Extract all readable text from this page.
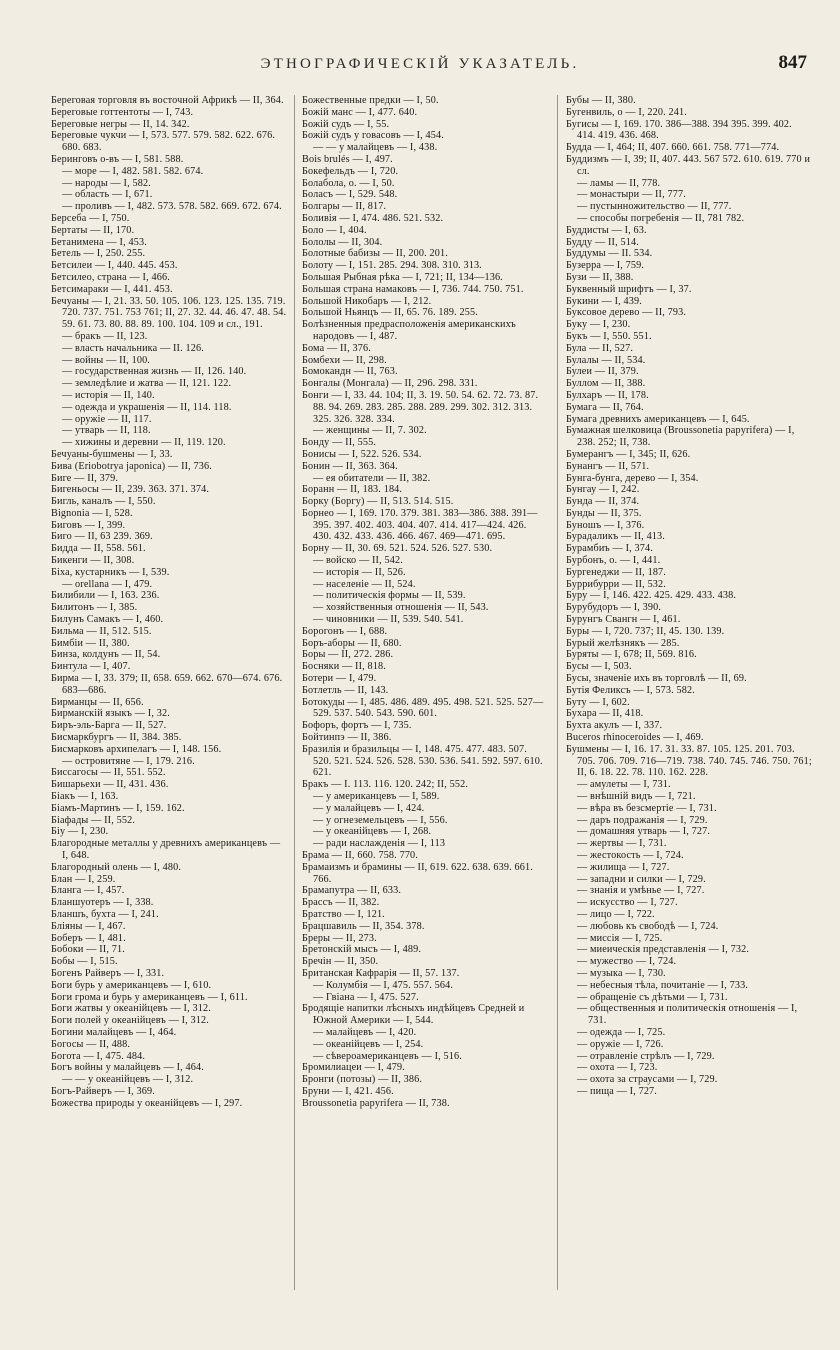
ЭТНОГРАФИЧЕСКІЙ УКАЗАТЕЛЬ.	847

Береговая торговля въ восточной Африкѣ — II, 364.

Береговые готтентоты — I, 743.

Береговые негры — II, 14. 342.

Береговые чукчи — I, 573. 577. 579. 582. 622. 676. 680. 683.

Беринговъ о-въ — I, 581. 588.

— море — I, 482. 581. 582. 674.

— народы — I, 582.

— область — I, 671.

— проливъ — I, 482. 573. 578. 582. 669. 672. 674.

Берсеба — I, 750.

Бертаты — II, 170.

Бетанимена — I, 453.

Бетель — I, 250. 255.

Бетсилеи — I, 440. 445. 453.

Бетсилео, страна — I, 466.

Бетсимараки — I, 441. 453.

Бечуаны — I, 21. 33. 50. 105. 106. 123. 125. 135. 719. 720. 737. 751. 753 761; II, 27. 32. 44. 46. 47. 48. 54. 59. 61. 73. 80. 88. 89. 100. 104. 109 и сл., 191.

— бракъ — II, 123.

— власть начальника — II. 126.

— войны — II, 100.

— государственная жизнь — II, 126. 140.

— земледѣлие и жатва — II, 121. 122.

— исторія — II, 140.

— одежда и украшенія — II, 114. 118.

— оружіе — II, 117.

— утварь — II, 118.

— хижины и деревни — II, 119. 120.

Бечуаны-бушмены — I, 33.

Бива (Eriobotrya japonica) — II, 736.

Биге — II, 379.

Бигеньосы — II, 239. 363. 371. 374.

Бигль, каналъ — I, 550.

Bignonia — I, 528.

Биговъ — I, 399.

Биго — II, 63 239. 369.

Бидда — II, 558. 561.

Бикенги — II, 308.

Біха, кустарникъ — I, 539.

— orellana — I, 479.

Билибили — I, 163. 236.

Билитонъ — I, 385.

Билунъ Самакъ — I, 460.

Бильма — II, 512. 515.

Бимбіи — II, 380.

Бинза, колдунъ — II, 54.

Бинтула — I, 407.

Бирма — I, 33. 379; II, 658. 659. 662. 670—674. 676. 683—686.

Бирманцы — II, 656.

Бирманскій языкъ — I, 32.

Биръ-эль-Барга — II, 527.

Бисмаркбургъ — II, 384. 385.

Бисмарковъ архипелагъ — I, 148. 156.

— островитяне — I, 179. 216.

Биссагосы — II, 551. 552.

Бишарьехи — II, 431. 436.

Біакъ — I, 163.

Біамъ-Мартинъ — I, 159. 162.

Біафады — II, 552.

Біу — I, 230.

Благородные металлы у древнихъ американцевъ — I, 648.

Благородный олень — I, 480.

Блан — I, 259.

Бланга — I, 457.

Бланшуотеръ — I, 338.

Бланшъ, бухта — I, 241.

Бліяны — I, 467.

Боберъ — I, 481.

Бобоки — II, 71.

Бобы — I, 515.

Богенъ Райверъ — I, 331.

Боги бурь у американцевъ — I, 610.

Боги грома и бурь у американцевъ — I, 611.

Боги жатвы у океанійцевъ — I, 312.

Боги полей у океанійцевъ — I, 312.

Богини малайцевъ — I, 464.

Богосы — II, 488.

Богота — I, 475. 484.

Богъ войны у малайцевъ — I, 464.

— — у океанійцевъ — I, 312.

Богъ-Райверъ — I, 369.

Божества природы у океанійцевъ — I, 297.

Божественные предки — I, 50.

Божій манс — I, 477. 640.

Божій судъ — I, 55.

Божій судъ у говасовъ — I, 454.

— — у малайцевъ — I, 438.

Bois brulés — I, 497.

Бокефельдъ — I, 720.

Болабола, о. — I, 50.

Боласъ — I, 529. 548.

Болгары — II, 817.

Боливія — I, 474. 486. 521. 532.

Боло — I, 404.

Бололы — II, 304.

Болотные бабизы — II, 200. 201.

Болоту — I, 151. 285. 294. 308. 310. 313.

Большая Рыбная рѣка — I, 721; II, 134—136.

Большая страна намаковъ — I, 736. 744. 750. 751.

Большой Никобаръ — I, 212.

Большой Ньянцъ — II, 65. 76. 189. 255.

Болѣзненныя предрасположенія американскихъ народовъ — I, 487.

Бома — II, 376.

Бомбехи — II, 298.

Бомокандн — II, 763.

Бонгалы (Монгала) — II, 296. 298. 331.

Бонги — I, 33. 44. 104; II, 3. 19. 50. 54. 62. 72. 73. 87. 88. 94. 269. 283. 285. 288. 289. 299. 302. 312. 313. 325. 326. 328. 334.

— женщины — II, 7. 302.

Бонду — II, 555.

Бонисы — I, 522. 526. 534.

Бонин — II, 363. 364.

— ея обитатели — II, 382.

Боранн — II, 183. 184.

Борку (Боргу) — II, 513. 514. 515.

Борнео — I, 169. 170. 379. 381. 383—386. 388. 391—395. 397. 402. 403. 404. 407. 414. 417—424. 426. 430. 432. 433. 436. 466. 467. 469—471. 695.

Борну — II, 30. 69. 521. 524. 526. 527. 530.

— войско — II, 542.

— исторія — II, 526.

— населеніе — II, 524.

— политическія формы — II, 539.

— хозяйственныя отношенія — II, 543.

— чиновники — II, 539. 540. 541.

Борогонъ — I, 688.

Боръ-аборы — II, 680.

Боры — II, 272. 286.

Босняки — II, 818.

Ботери — I, 479.

Ботлетль — II, 143.

Ботокуды — I, 485. 486. 489. 495. 498. 521. 525. 527—529. 537. 540. 543. 590. 601.

Бофоръ, фортъ — I, 735.

Бойтинпэ — II, 386.

Бразилія и бразильцы — I, 148. 475. 477. 483. 507. 520. 521. 524. 526. 528. 530. 536. 541. 592. 597. 610. 621.

Бракъ — I. 113. 116. 120. 242; II, 552.

— у американцевъ — I, 589.

— у малайцевъ — I, 424.

— у огнеземельцевъ — I, 556.

— у океанійцевъ — I, 268.

— ради наслажденія — I, 113

Брама — II, 660. 758. 770.

Брамаизмъ и брамины — II, 619. 622. 638. 639. 661. 766.

Брамапутра — II, 633.

Брассъ — II, 382.

Братство — I, 121.

Брацшавиль — II, 354. 378.

Бреры — II, 273.

Бретонскій мысъ — I, 489.

Бречін — II, 350.

Британская Кафрарія — II, 57. 137.

— Колумбія — I, 475. 557. 564.

— Гвіана — I, 475. 527.

Бродящіе напитки лѣсныхъ индѣйцевъ Средней и Южной Америки — I, 544.

— малайцевъ — I, 420.

— океанійцевъ — I, 254.

— сѣвероамериканцевъ — I, 516.

Бромилиацеи — I, 479.

Бронги (потозы) — II, 386.

Бруни — I, 421. 456.

Broussonetia papyrifera — II, 738.

Бубы — II, 380.

Бугенвиль, о — I, 220. 241.

Бугисы — I, 169. 170. 386—388. 394 395. 399. 402. 414. 419. 436. 468.

Будда — I, 464; II, 407. 660. 661. 758. 771—774.

Буддизмъ — I, 39; II, 407. 443. 567 572. 610. 619. 770 и сл.

— ламы — II, 778.

— монастыри — II, 777.

— пустынножительство — II, 777.

— способы погребенія — II, 781 782.

Буддисты — I, 63.

Будду — II, 514.

Буддумы — II. 534.

Бузерра — I, 759.

Бузи — II, 388.

Буквенный шрифтъ — I, 37.

Букини — I, 439.

Буксовое дерево — II, 793.

Буку — I, 230.

Букъ — I, 550. 551.

Була — II, 527.

Булалы — II, 534.

Булеи — II, 379.

Буллом — II, 388.

Булхаръ — II, 178.

Бумага — II, 764.

Бумага древнихъ американцевъ — I, 645.

Бумажная шелковица (Broussonetia papyrifera) — I, 238. 252; II, 738.

Бумерангъ — I, 345; II, 626.

Бунангъ — II, 571.

Бунга-бунга, дерево — I, 354.

Бунгау — I, 242.

Бунда — II, 374.

Бунды — II, 375.

Буношъ — I, 376.

Бурадаликъ — II, 413.

Бурамбиъ — I, 374.

Бурбонъ, о. — I, 441.

Бургенеджи — II, 187.

Буррибурри — II, 532.

Буру — I, 146. 422. 425. 429. 433. 438.

Бурубудоръ — I, 390.

Бурунгъ Свангн — I, 461.

Буры — I, 720. 737; II, 45. 130. 139.

Бурый желѣзнякъ — 285.

Буряты — I, 678; II, 569. 816.

Бусы — I, 503.

Бусы, значеніе ихъ въ торговлѣ — II, 69.

Бутія Феликсъ — I, 573. 582.

Буту — I, 602.

Бухара — II, 418.

Бухта акулъ — I, 337.

Buceros rhinoceroides — I, 469.

Бушмены — I, 16. 17. 31. 33. 87. 105. 125. 201. 703. 705. 706. 709. 716—719. 738. 740. 745. 746. 750. 761; II, 6. 18. 22. 78. 110. 162. 228.

— амулеты — I, 731.

— внѣшній видъ — I, 721.

— вѣра въ безсмертіе — I, 731.

— даръ подражанія — I, 729.

— домашняя утварь — I, 727.

— жертвы — I, 731.

— жестокость — I, 724.

— жилища — I, 727.

— западни и силки — I, 729.

— знанія и умѣнье — I, 727.

— искусство — I, 727.

— лицо — I, 722.

— любовь къ свободѣ — I, 724.

— миссія — I, 725.

— миеическія представленія — I, 732.

— мужество — I, 724.

— музыка — I, 730.

— небесныя тѣла, почитаніе — I, 733.

— обращеніе съ дѣтьми — I, 731.

— общественныя и политическія отношенія — I, 731.

— одежда — I, 725.

— оружіе — I, 726.

— отравленіе стрѣлъ — I, 729.

— охота — I, 723.

— охота за страусами — I, 729.

— пища — I, 727.
